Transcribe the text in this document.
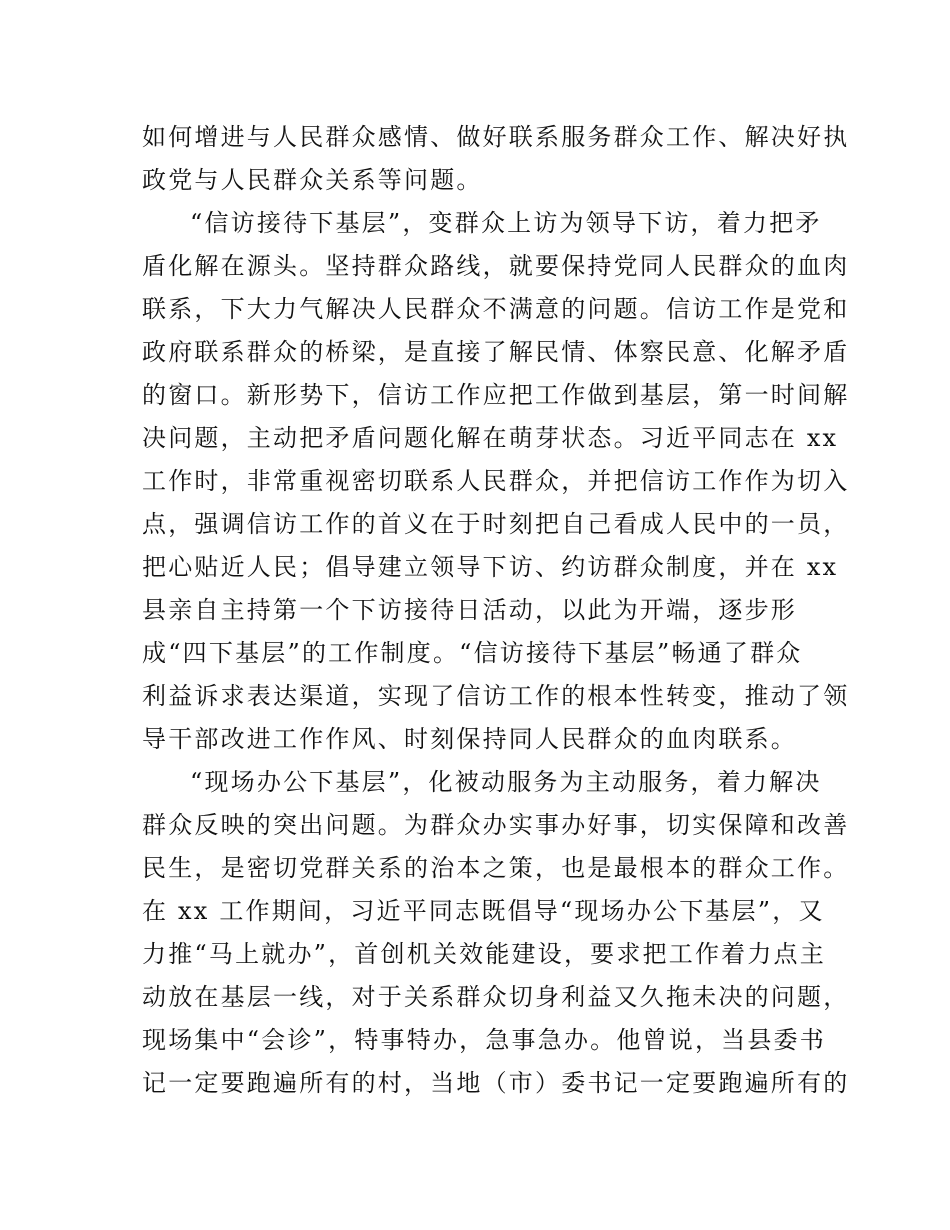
如何增进与人民群众感情、做好联系服务群众工作、解决好执
政党与人民群众关系等问题。
“信访接待下基层”，变群众上访为领导下访，着力把矛
盾化解在源头。坚持群众路线，就要保持党同人民群众的血肉
联系，下大力气解决人民群众不满意的问题。信访工作是党和
政府联系群众的桥梁，是直接了解民情、体察民意、化解矛盾
的窗口。新形势下，信访工作应把工作做到基层，第一时间解
决问题，主动把矛盾问题化解在萌芽状态。习近平同志在 xx
工作时，非常重视密切联系人民群众，并把信访工作作为切入
点，强调信访工作的首义在于时刻把自己看成人民中的一员，
把心贴近人民；倡导建立领导下访、约访群众制度，并在 xx
县亲自主持第一个下访接待日活动，以此为开端，逐步形
成“四下基层”的工作制度。“信访接待下基层”畅通了群众
利益诉求表达渠道，实现了信访工作的根本性转变，推动了领
导干部改进工作作风、时刻保持同人民群众的血肉联系。
“现场办公下基层”，化被动服务为主动服务，着力解决
群众反映的突出问题。为群众办实事办好事，切实保障和改善
民生，是密切党群关系的治本之策，也是最根本的群众工作。
在 xx 工作期间，习近平同志既倡导“现场办公下基层”，又
力推“马上就办”，首创机关效能建设，要求把工作着力点主
动放在基层一线，对于关系群众切身利益又久拖未决的问题，
现场集中“会诊”，特事特办，急事急办。他曾说，当县委书
记一定要跑遍所有的村，当地（市）委书记一定要跑遍所有的
